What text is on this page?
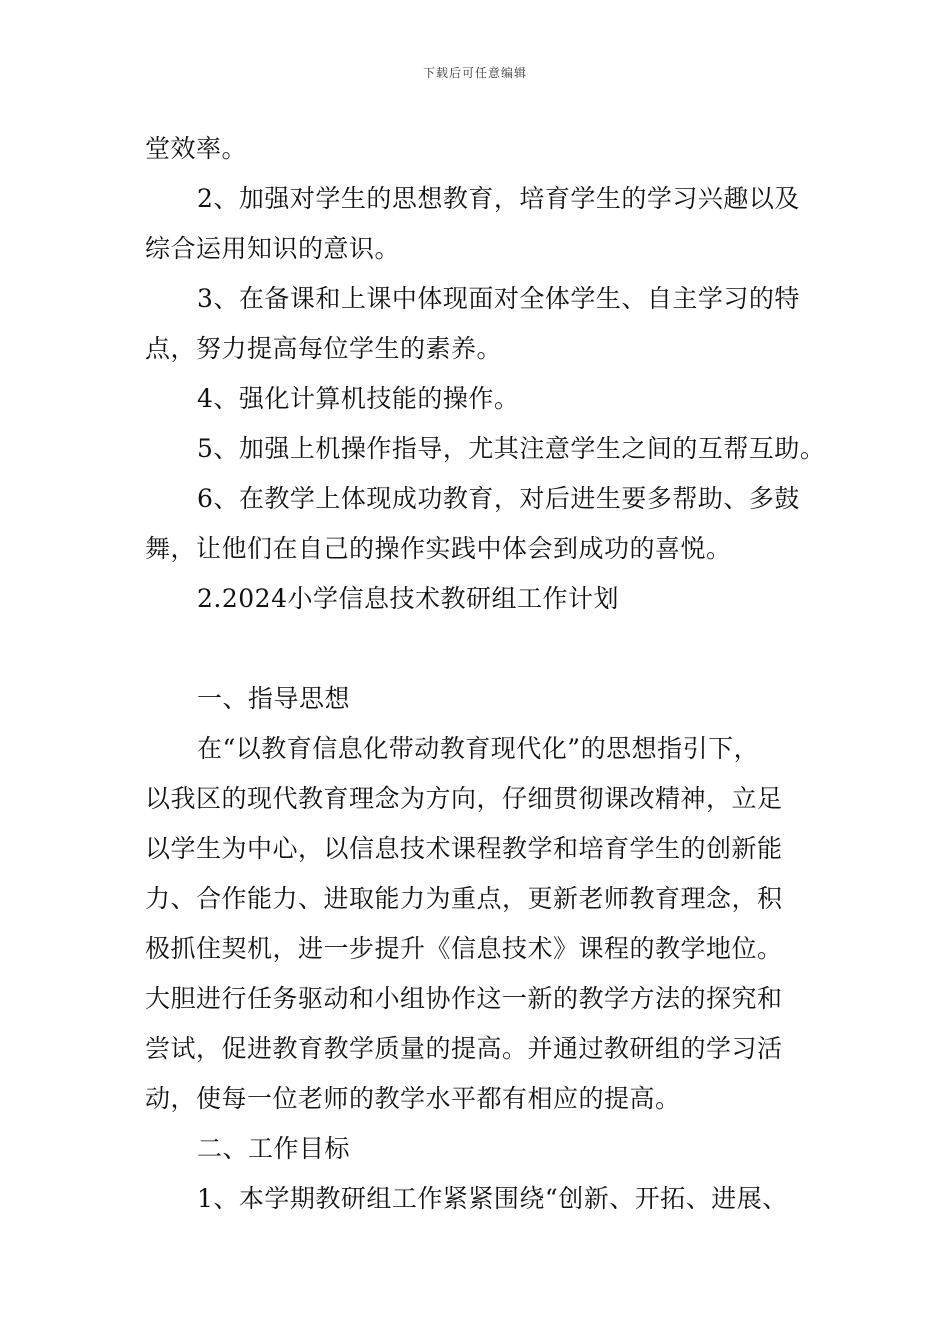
下载后可任意编辑
堂效率。
2、加强对学生的思想教育，培育学生的学习兴趣以及
综合运用知识的意识。
3、在备课和上课中体现面对全体学生、自主学习的特
点，努力提高每位学生的素养。
4、强化计算机技能的操作。
5、加强上机操作指导，尤其注意学生之间的互帮互助。
6、在教学上体现成功教育，对后进生要多帮助、多鼓
舞，让他们在自己的操作实践中体会到成功的喜悦。
2.2024小学信息技术教研组工作计划
一、指导思想
在“以教育信息化带动教育现代化”的思想指引下，
以我区的现代教育理念为方向，仔细贯彻课改精神，立足
以学生为中心，以信息技术课程教学和培育学生的创新能
力、合作能力、进取能力为重点，更新老师教育理念，积
极抓住契机，进一步提升《信息技术》课程的教学地位。
大胆进行任务驱动和小组协作这一新的教学方法的探究和
尝试，促进教育教学质量的提高。并通过教研组的学习活
动，使每一位老师的教学水平都有相应的提高。
二、工作目标
1、本学期教研组工作紧紧围绕“创新、开拓、进展、
